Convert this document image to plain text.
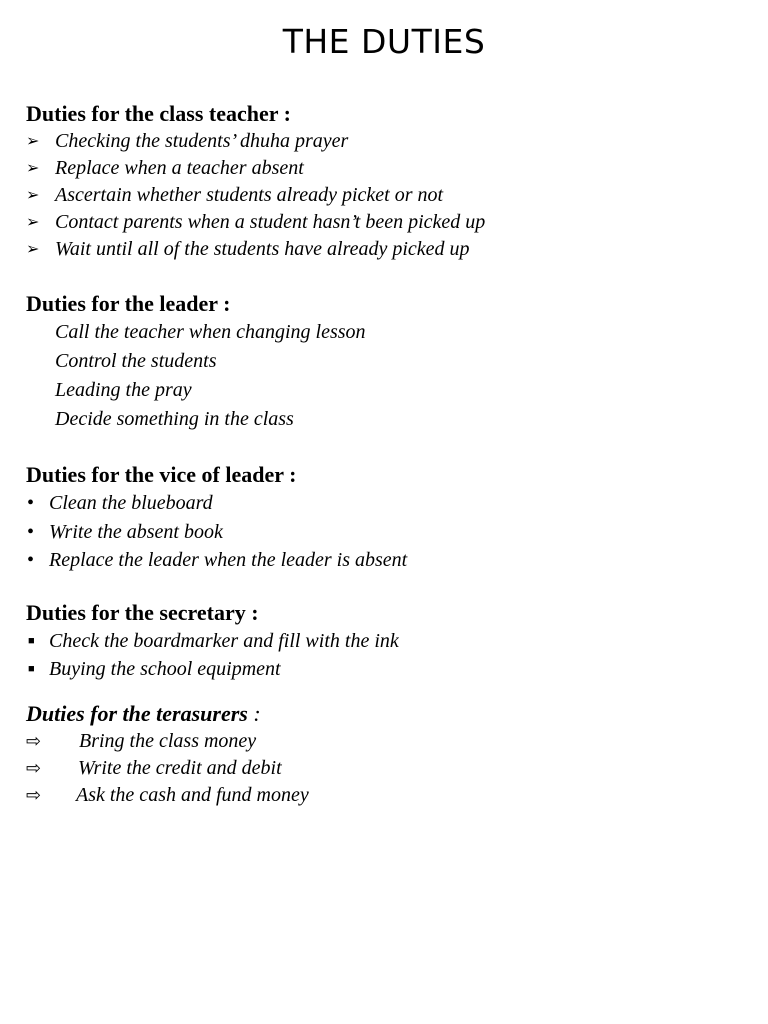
THE DUTIES

Duties for the class teacher :

➢ Checking the students’ dhuha prayer
➢ Replace when a teacher absent
➢ Ascertain whether students already picket or not
➢ Contact parents when a student hasn’t been picked up
➢ Wait until all of the students have already picked up

Duties for the leader :

Call the teacher when changing lesson
Control the students
Leading the pray
Decide something in the class

Duties for the vice of leader :

• Clean the blueboard
• Write the absent book
• Replace the leader when the leader is absent

Duties for the secretary :

■ Check the boardmarker and fill with the ink
■ Buying the school equipment

Duties for the terasurers :

⇨ Bring the class money
⇨ Write the credit and debit
⇨ Ask the cash and fund money
